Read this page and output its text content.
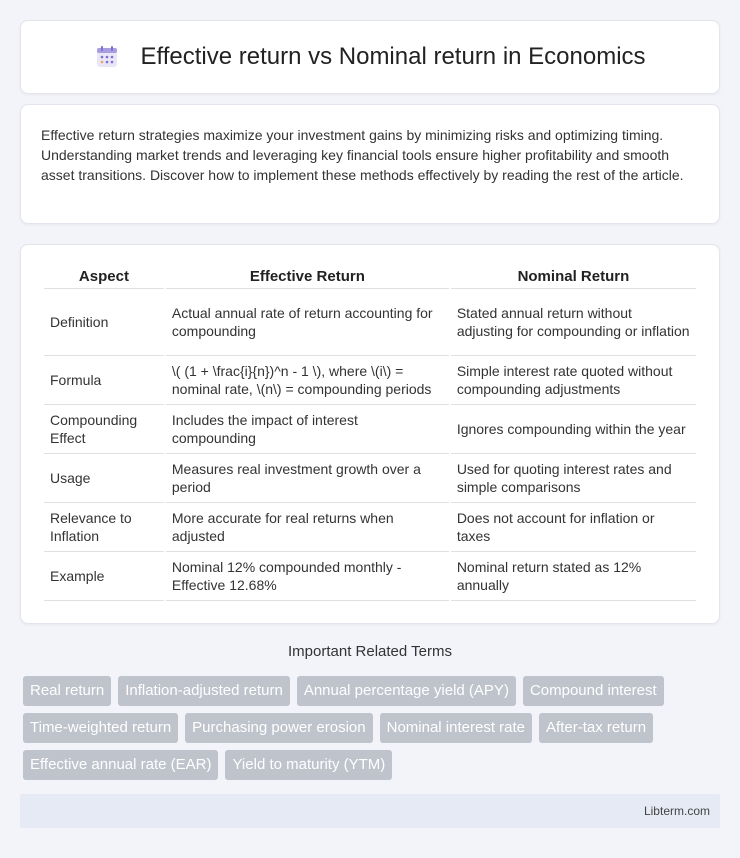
Effective return vs Nominal return in Economics

Effective return strategies maximize your investment gains by minimizing risks and optimizing timing. Understanding market trends and leveraging key financial tools ensure higher profitability and smooth asset transitions. Discover how to implement these methods effectively by reading the rest of the article.

Aspect	Effective Return	Nominal Return
Definition	Actual annual rate of return accounting for compounding	Stated annual return without adjusting for compounding or inflation
Formula	\( (1 + \frac{i}{n})^n - 1 \), where \(i\) = nominal rate, \(n\) = compounding periods	Simple interest rate quoted without compounding adjustments
Compounding Effect	Includes the impact of interest compounding	Ignores compounding within the year
Usage	Measures real investment growth over a period	Used for quoting interest rates and simple comparisons
Relevance to Inflation	More accurate for real returns when adjusted	Does not account for inflation or taxes
Example	Nominal 12% compounded monthly - Effective 12.68%	Nominal return stated as 12% annually
Important Related Terms
Real return	Inflation-adjusted return	Annual percentage yield (APY)	Compound interest
Time-weighted return	Purchasing power erosion	Nominal interest rate	After-tax return
Effective annual rate (EAR)	Yield to maturity (YTM)
Libterm.com
